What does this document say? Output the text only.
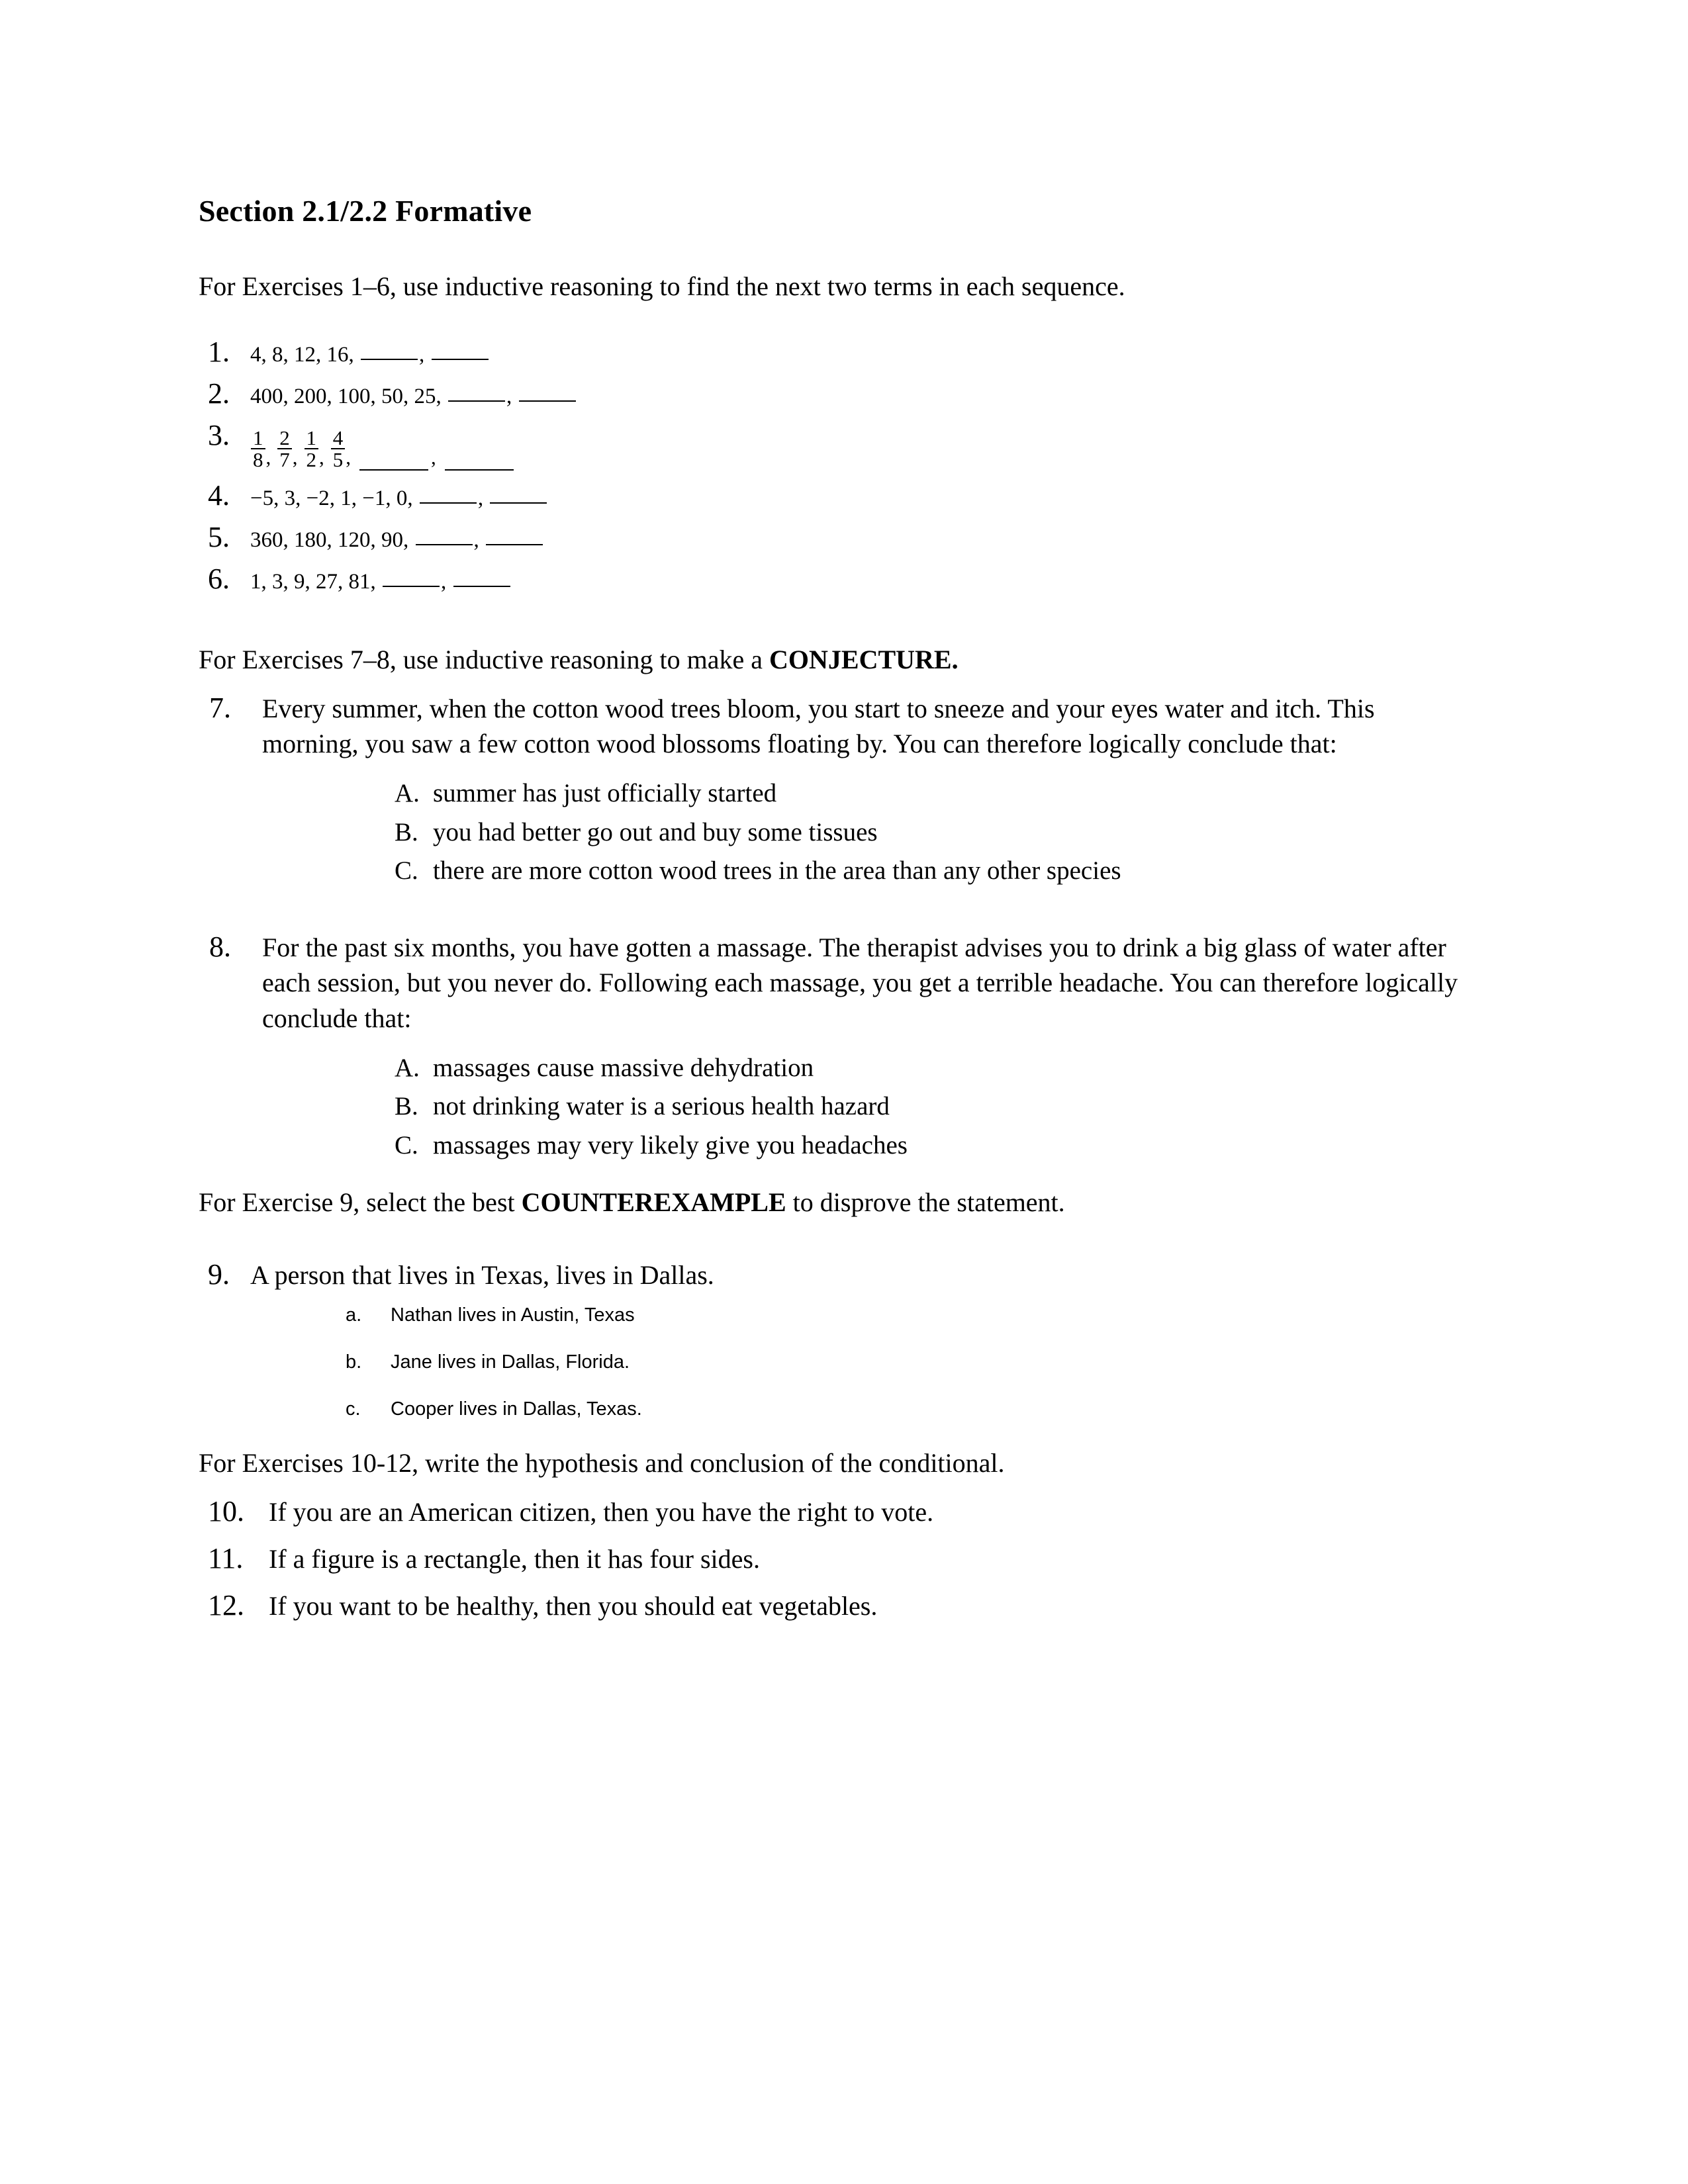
Section 2.1/2.2 Formative

For Exercises 1–6, use inductive reasoning to find the next two terms in each sequence.

1. 4, 8, 12, 16,	,
2. 400, 200, 100, 50, 25,	,
3.	$\frac{1}{8}$ , $\frac{2}{7}$ , $\frac{1}{2}$ , $\frac{4}{5}$ ,	,
4. −5, 3, −2, 1, −1, 0,	,
5. 360, 180, 120, 90,	,
6. 1, 3, 9, 27, 81,	,

For Exercises 7–8, use inductive reasoning to make a CONJECTURE.

7.	Every summer, when the cotton wood trees bloom, you start to sneeze and your eyes water and itch. This morning, you saw a few cotton wood blossoms floating by. You can therefore logically conclude that:
A. summer has just officially started
B. you had better go out and buy some tissues
C. there are more cotton wood trees in the area than any other species
8.	For the past six months, you have gotten a massage. The therapist advises you to drink a big glass of water after each session, but you never do. Following each massage, you get a terrible headache. You can therefore logically conclude that:
A. massages cause massive dehydration
B. not drinking water is a serious health hazard
C. massages may very likely give you headaches

For Exercise 9, select the best COUNTEREXAMPLE to disprove the statement.

9. A person that lives in Texas, lives in Dallas.
a.	Nathan lives in Austin, Texas
b.	Jane lives in Dallas, Florida.
c.	Cooper lives in Dallas, Texas.

For Exercises 10-12, write the hypothesis and conclusion of the conditional.

10. If you are an American citizen, then you have the right to vote.
11. If a figure is a rectangle, then it has four sides.
12. If you want to be healthy, then you should eat vegetables.
